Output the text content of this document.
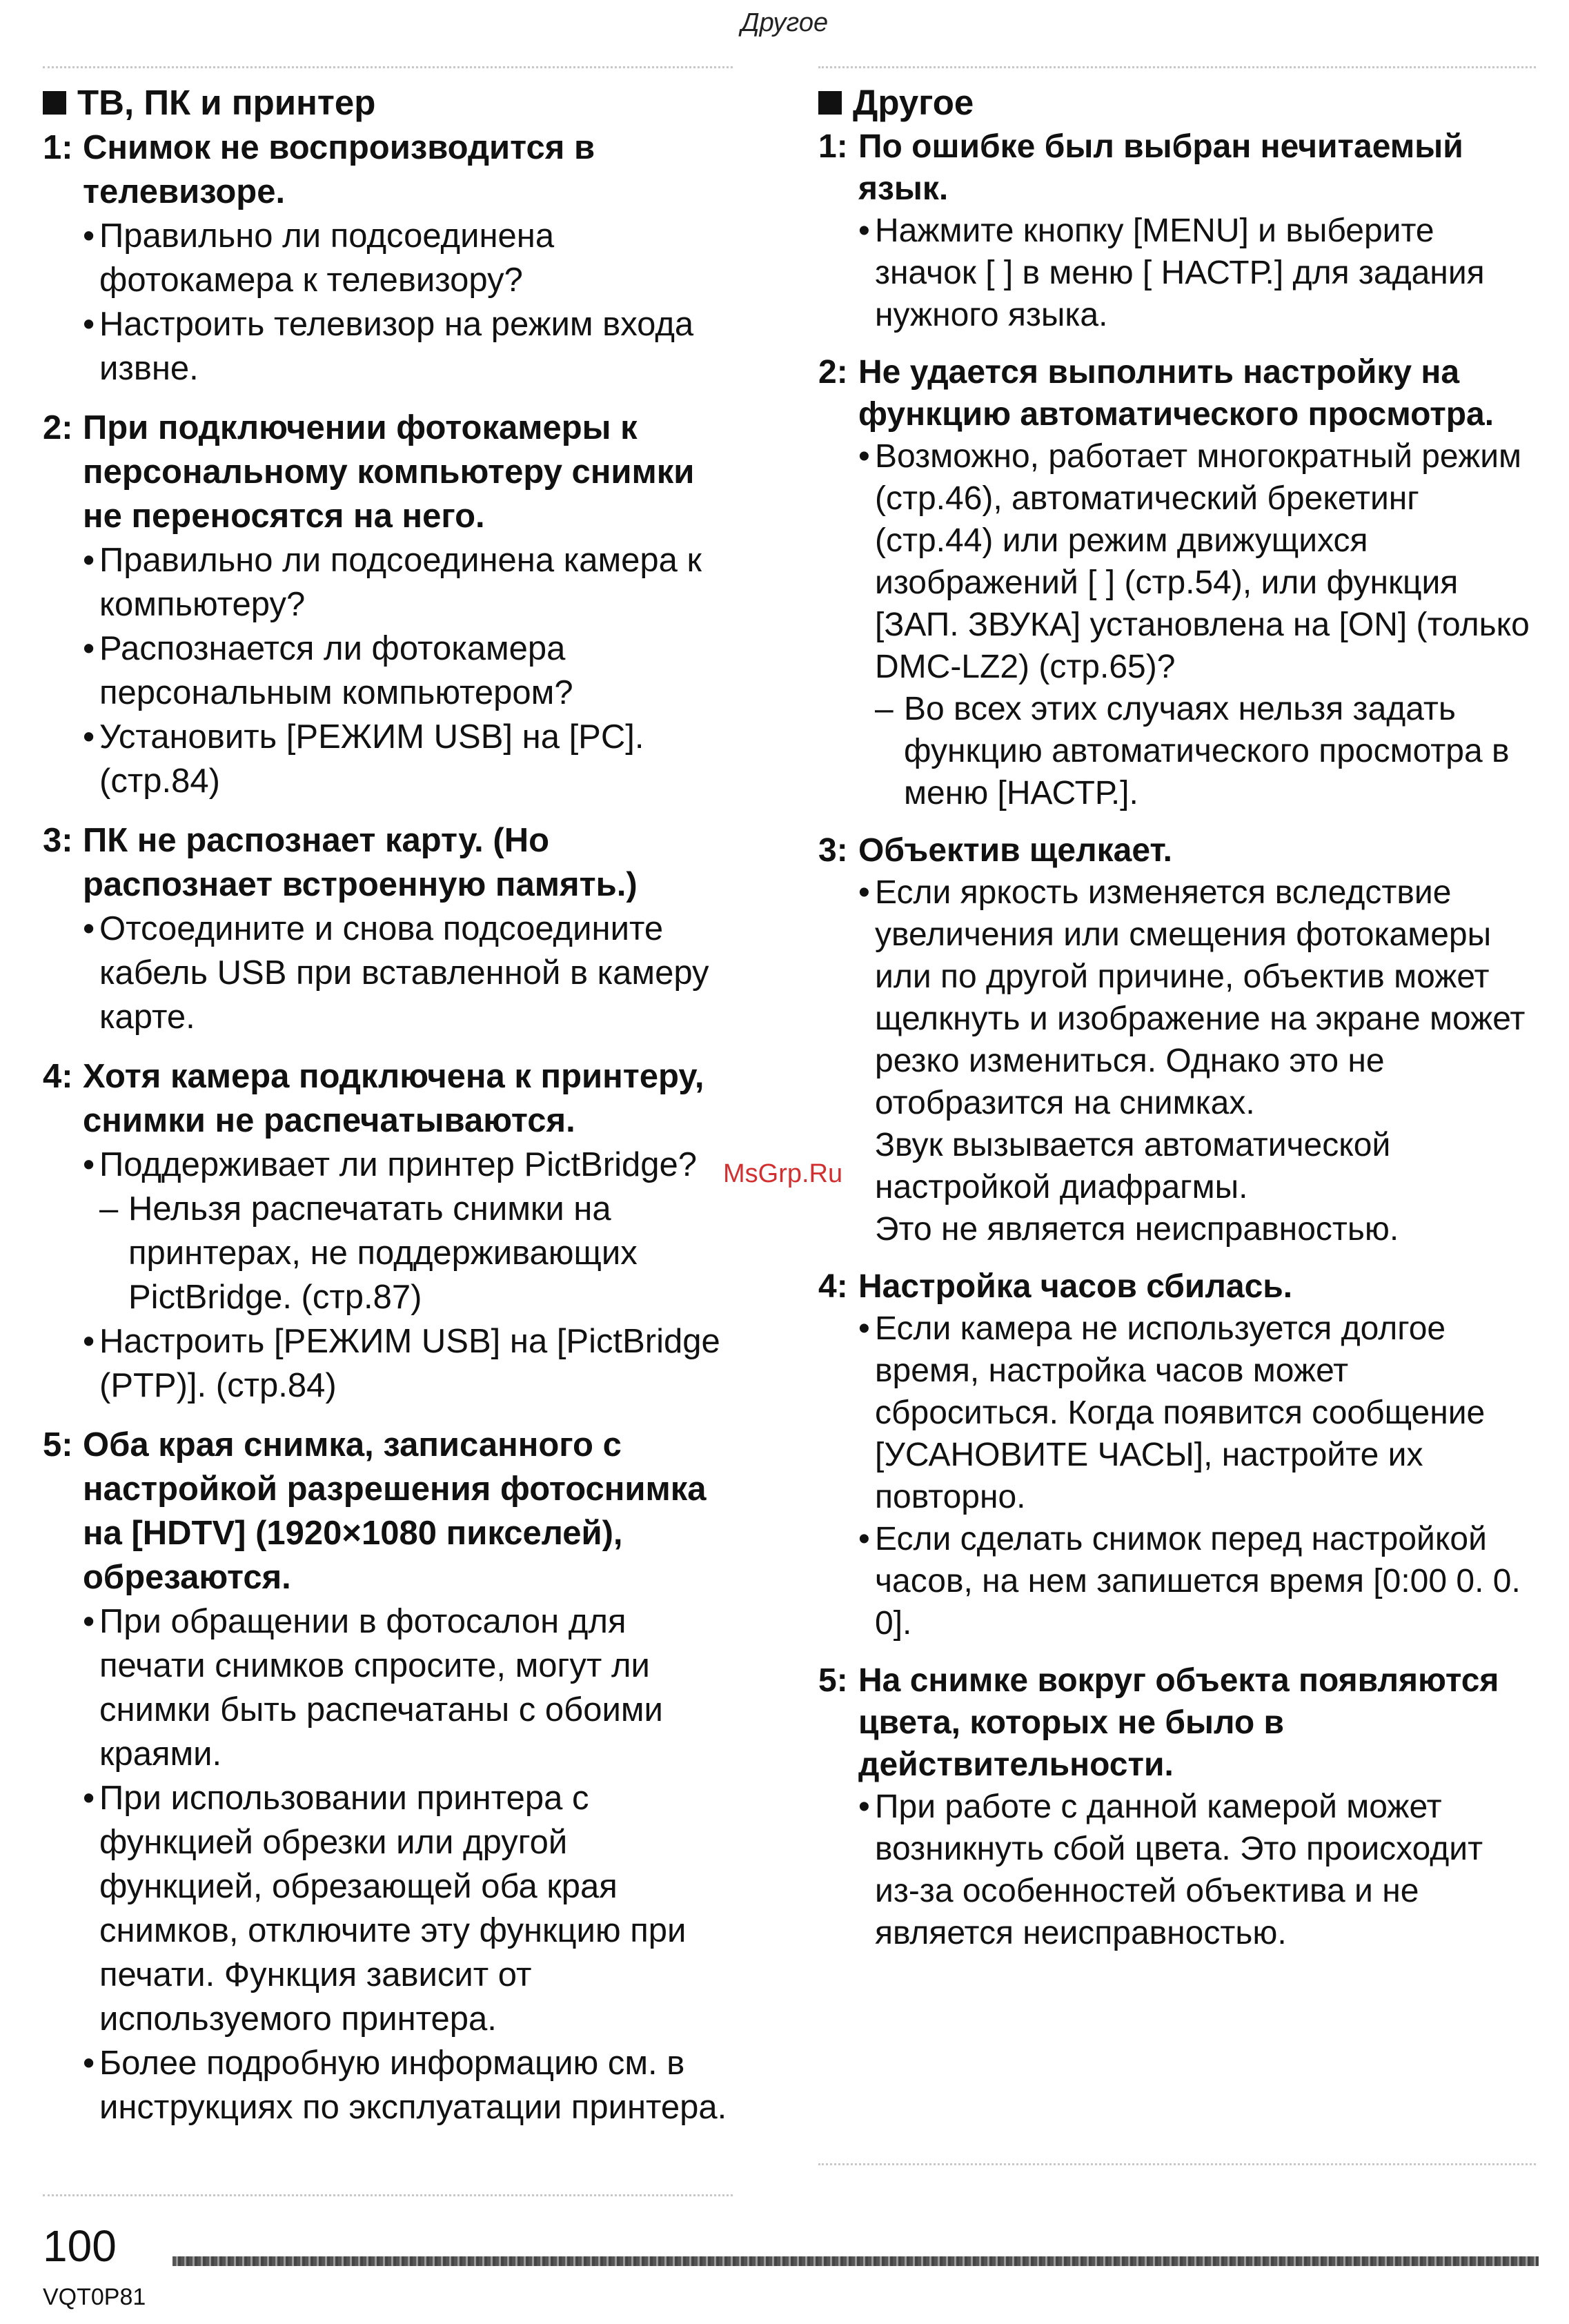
Другое
MsGrp.Ru
ТВ, ПК и принтер
1: Снимок не воспроизводится в телевизоре.
• Правильно ли подсоединена фотокамера к телевизору?
• Настроить телевизор на режим входа извне.
2: При подключении фотокамеры к персональному компьютеру снимки не переносятся на него.
• Правильно ли подсоединена камера к компьютеру?
• Распознается ли фотокамера персональным компьютером?
• Установить [РЕЖИМ USB] на [PC]. (стр.84)
3: ПК не распознает карту. (Но распознает встроенную память.)
• Отсоедините и снова подсоедините кабель USB при вставленной в камеру карте.
4: Хотя камера подключена к принтеру, снимки не распечатываются.
• Поддерживает ли принтер PictBridge?
– Нельзя распечатать снимки на принтерах, не поддерживающих PictBridge. (стр.87)
• Настроить [РЕЖИМ USB] на [PictBridge (PTP)]. (стр.84)
5: Оба края снимка, записанного с настройкой разрешения фотоснимка на [HDTV] (1920×1080 пикселей), обрезаются.
• При обращении в фотосалон для печати снимков спросите, могут ли снимки быть распечатаны с обоими краями.
• При использовании принтера с функцией обрезки или другой функцией, обрезающей оба края снимков, отключите эту функцию при печати. Функция зависит от используемого принтера.
• Более подробную информацию см. в инструкциях по эксплуатации принтера.
Другое
1: По ошибке был выбран нечитаемый язык.
• Нажмите кнопку [MENU] и выберите значок [ ] в меню [ НАСТР.] для задания нужного языка.
2: Не удается выполнить настройку на функцию автоматического просмотра.
• Возможно, работает многократный режим (стр.46), автоматический брекетинг (стр.44) или режим движущихся изображений [ ] (стр.54), или функция [ЗАП. ЗВУКА] установлена на [ON] (только DMC-LZ2) (стр.65)?
– Во всех этих случаях нельзя задать функцию автоматического просмотра в меню [НАСТР.].
3: Объектив щелкает.
• Если яркость изменяется вследствие увеличения или смещения фотокамеры или по другой причине, объектив может щелкнуть и изображение на экране может резко измениться. Однако это не отобразится на снимках.
Звук вызывается автоматической настройкой диафрагмы.
Это не является неисправностью.
4: Настройка часов сбилась.
• Если камера не используется долгое время, настройка часов может сброситься. Когда появится сообщение [УСАНОВИТЕ ЧАСЫ], настройте их повторно.
• Если сделать снимок перед настройкой часов, на нем запишется время [0:00 0. 0. 0].
5: На снимке вокруг объекта появляются цвета, которых не было в действительности.
• При работе с данной камерой может возникнуть сбой цвета. Это происходит из-за особенностей объектива и не является неисправностью.
100
VQT0P81
